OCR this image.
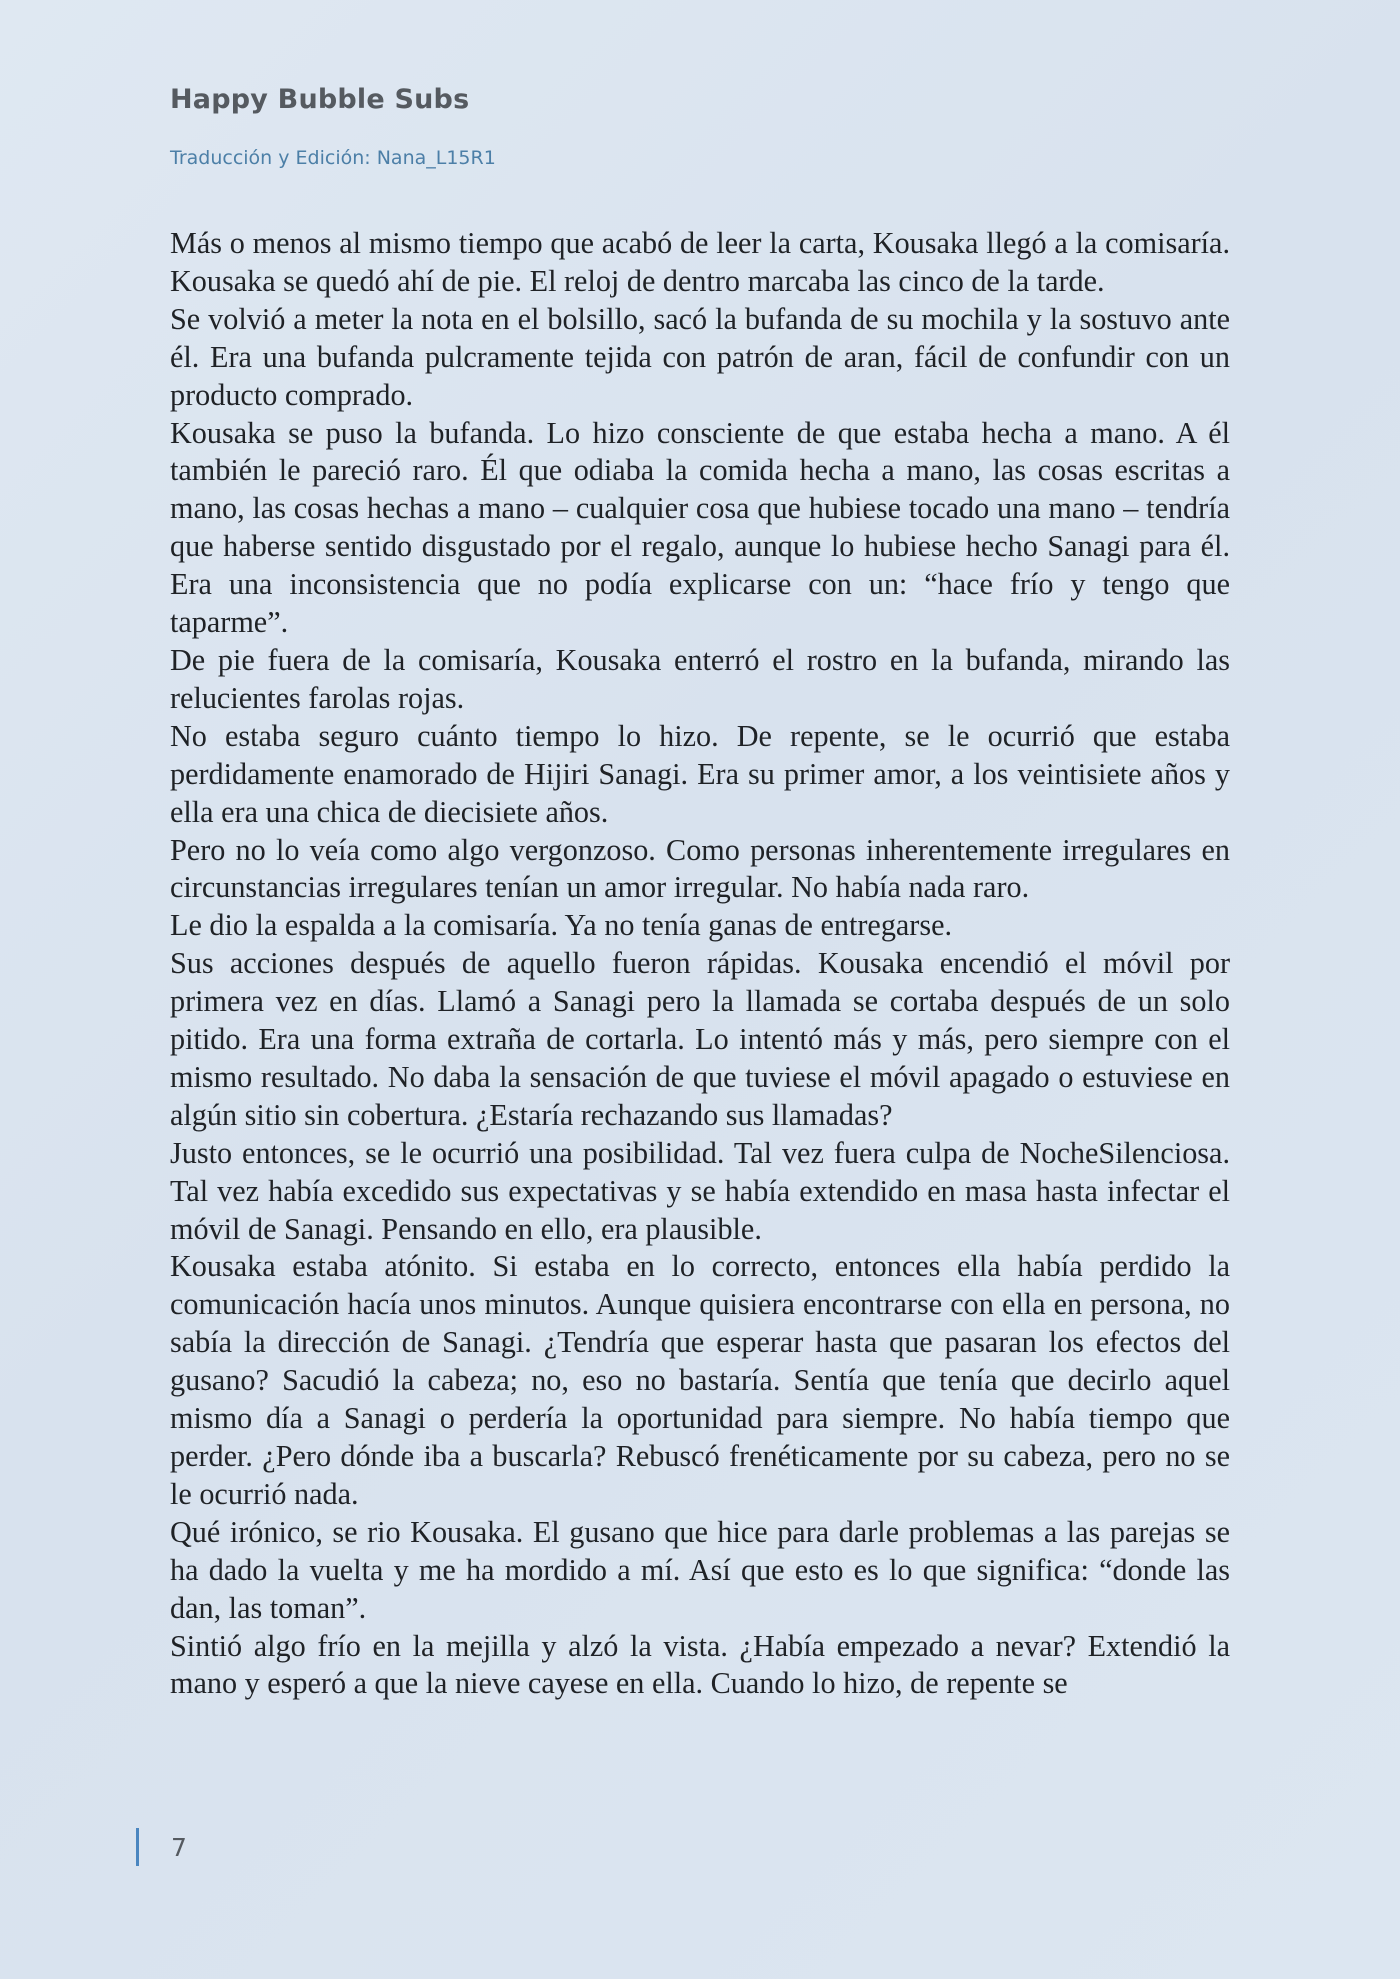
Happy Bubble Subs
Traducción y Edición: Nana_L15R1

Más o menos al mismo tiempo que acabó de leer la carta, Kousaka llegó a la comisaría. Kousaka se quedó ahí de pie. El reloj de dentro marcaba las cinco de la tarde.

Se volvió a meter la nota en el bolsillo, sacó la bufanda de su mochila y la sostuvo ante él. Era una bufanda pulcramente tejida con patrón de aran, fácil de confundir con un producto comprado.

Kousaka se puso la bufanda. Lo hizo consciente de que estaba hecha a mano. A él también le pareció raro. Él que odiaba la comida hecha a mano, las cosas escritas a mano, las cosas hechas a mano – cualquier cosa que hubiese tocado una mano – tendría que haberse sentido disgustado por el regalo, aunque lo hubiese hecho Sanagi para él. Era una inconsistencia que no podía explicarse con un: “hace frío y tengo que taparme”.

De pie fuera de la comisaría, Kousaka enterró el rostro en la bufanda, mirando las relucientes farolas rojas.

No estaba seguro cuánto tiempo lo hizo. De repente, se le ocurrió que estaba perdidamente enamorado de Hijiri Sanagi. Era su primer amor, a los veintisiete años y ella era una chica de diecisiete años.

Pero no lo veía como algo vergonzoso. Como personas inherentemente irregulares en circunstancias irregulares tenían un amor irregular. No había nada raro.

Le dio la espalda a la comisaría. Ya no tenía ganas de entregarse.

Sus acciones después de aquello fueron rápidas. Kousaka encendió el móvil por primera vez en días. Llamó a Sanagi pero la llamada se cortaba después de un solo pitido. Era una forma extraña de cortarla. Lo intentó más y más, pero siempre con el mismo resultado. No daba la sensación de que tuviese el móvil apagado o estuviese en algún sitio sin cobertura. ¿Estaría rechazando sus llamadas?

Justo entonces, se le ocurrió una posibilidad. Tal vez fuera culpa de NocheSilenciosa. Tal vez había excedido sus expectativas y se había extendido en masa hasta infectar el móvil de Sanagi. Pensando en ello, era plausible.

Kousaka estaba atónito. Si estaba en lo correcto, entonces ella había perdido la comunicación hacía unos minutos. Aunque quisiera encontrarse con ella en persona, no sabía la dirección de Sanagi. ¿Tendría que esperar hasta que pasaran los efectos del gusano? Sacudió la cabeza; no, eso no bastaría. Sentía que tenía que decirlo aquel mismo día a Sanagi o perdería la oportunidad para siempre. No había tiempo que perder. ¿Pero dónde iba a buscarla? Rebuscó frenéticamente por su cabeza, pero no se le ocurrió nada.

Qué irónico, se rio Kousaka. El gusano que hice para darle problemas a las parejas se ha dado la vuelta y me ha mordido a mí. Así que esto es lo que significa: “donde las dan, las toman”.

Sintió algo frío en la mejilla y alzó la vista. ¿Había empezado a nevar? Extendió la mano y esperó a que la nieve cayese en ella. Cuando lo hizo, de repente se

7
